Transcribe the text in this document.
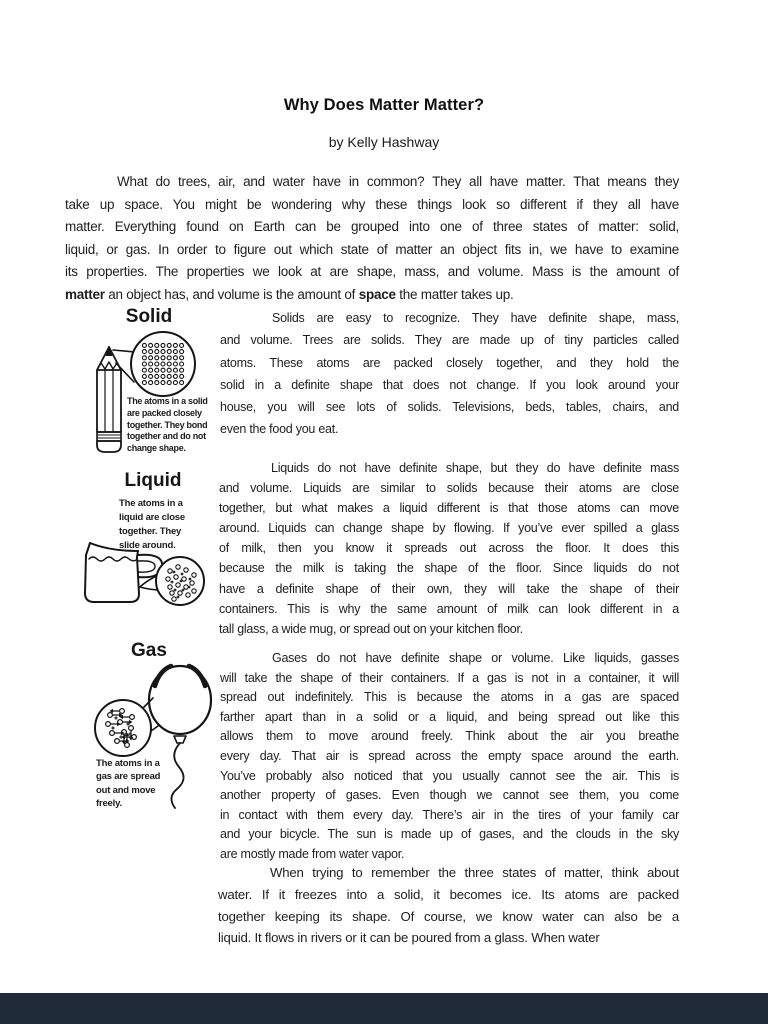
Why Does Matter Matter?
by Kelly Hashway
What do trees, air, and water have in common? They all have matter. That means they
take up space. You might be wondering why these things look so different if they all have
matter. Everything found on Earth can be grouped into one of three states of matter: solid,
liquid, or gas. In order to figure out which state of matter an object fits in, we have to examine
its properties. The properties we look at are shape, mass, and volume. Mass is the amount of
matter an object has, and volume is the amount of space the matter takes up.
Solid
The atoms in a solid
are packed closely
together. They bond
together and do not
change shape.
Solids are easy to recognize. They have definite shape, mass,
and volume. Trees are solids. They are made up of tiny particles called
atoms. These atoms are packed closely together, and they hold the
solid in a definite shape that does not change. If you look around your
house, you will see lots of solids. Televisions, beds, tables, chairs, and
even the food you eat.
Liquid
The atoms in a
liquid are close
together. They
slide around.
Liquids do not have definite shape, but they do have definite mass
and volume. Liquids are similar to solids because their atoms are close
together, but what makes a liquid different is that those atoms can move
around. Liquids can change shape by flowing. If you’ve ever spilled a glass
of milk, then you know it spreads out across the floor. It does this
because the milk is taking the shape of the floor. Since liquids do not
have a definite shape of their own, they will take the shape of their
containers. This is why the same amount of milk can look different in a
tall glass, a wide mug, or spread out on your kitchen floor.
Gas
The atoms in a
gas are spread
out and move
freely.
Gases do not have definite shape or volume. Like liquids, gasses
will take the shape of their containers. If a gas is not in a container, it will
spread out indefinitely. This is because the atoms in a gas are spaced
farther apart than in a solid or a liquid, and being spread out like this
allows them to move around freely. Think about the air you breathe
every day. That air is spread across the empty space around the earth.
You’ve probably also noticed that you usually cannot see the air. This is
another property of gases. Even though we cannot see them, you come
in contact with them every day. There’s air in the tires of your family car
and your bicycle. The sun is made up of gases, and the clouds in the sky
are mostly made from water vapor.
When trying to remember the three states of matter, think about
water. If it freezes into a solid, it becomes ice. Its atoms are packed
together keeping its shape. Of course, we know water can also be a
liquid. It flows in rivers or it can be poured from a glass. When water
